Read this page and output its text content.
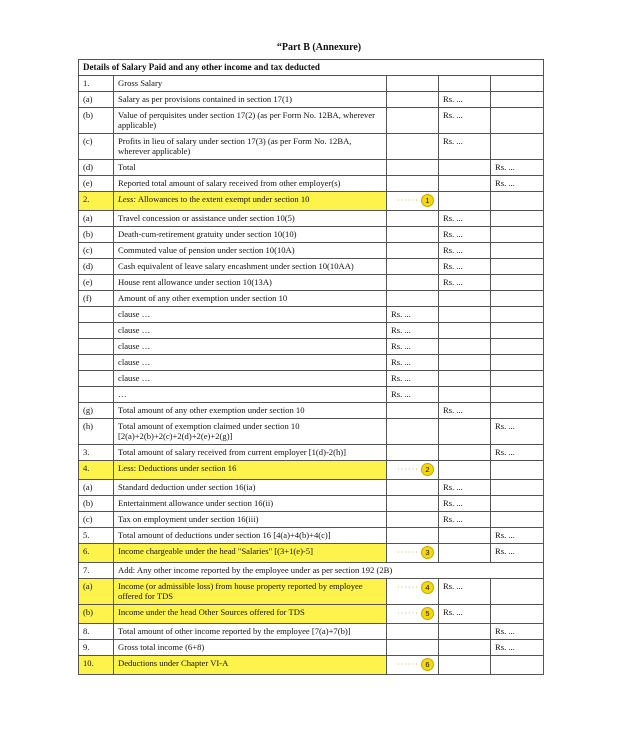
“Part B (Annexure)
Details of Salary Paid and any other income and tax deducted				
1.	Gross Salary			
(a)	Salary as per provisions contained in section 17(1)		Rs. ...	
(b)	Value of perquisites under section 17(2) (as per Form No. 12BA, wherever applicable)		Rs. ...	
(c)	Profits in lieu of salary under section 17(3) (as per Form No. 12BA, wherever applicable)		Rs. ...	
(d)	Total			Rs. ...
(e)	Reported total amount of salary received from other employer(s)			Rs. ...
2.	Less: Allowances to the extent exempt under section 10	······ 1		

(a)	Travel concession or assistance under section 10(5)		Rs. ...	
(b)	Death-cum-retirement gratuity under section 10(10)		Rs. ...	
(c)	Commuted value of pension under section 10(10A)		Rs. ...	
(d)	Cash equivalent of leave salary encashment under section 10(10AA)		Rs. ...	
(e)	House rent allowance under section 10(13A)		Rs. ...	
(f)	Amount of any other exemption under section 10			
	clause …	Rs. ...		
	clause …	Rs. ...		
	clause …	Rs. ...		
	clause …	Rs. ...		
	clause …	Rs. ...		
	…	Rs. ...		
(g)	Total amount of any other exemption under section 10		Rs. ...	
(h)	Total amount of exemption claimed under section 10 [2(a)+2(b)+2(c)+2(d)+2(e)+2(g)]			Rs. ...
3.	Total amount of salary received from current employer [1(d)-2(h)]			Rs. ...
4.	Less: Deductions under section 16	······ 2		

(a)	Standard deduction under section 16(ia)		Rs. ...	
(b)	Entertainment allowance under section 16(ii)		Rs. ...	
(c)	Tax on employment under section 16(iii)		Rs. ...	
5.	Total amount of deductions under section 16 [4(a)+4(b)+4(c)]			Rs. ...
6.	Income chargeable under the head "Salaries" [(3+1(e)-5]	······ 3		Rs. ...
7.	Add: Any other income reported by the employee under as per section 192 (2B)			
(a)	Income (or admissible loss) from house property reported by employee offered for TDS	······ 4	Rs. ...	
(b)	Income under the head Other Sources offered for TDS	······ 5	Rs. ...	
8.	Total amount of other income reported by the employee [7(a)+7(b)]			Rs. ...
9.	Gross total income (6+8)			Rs. ...
10.	Deductions under Chapter VI-A	······ 6		
